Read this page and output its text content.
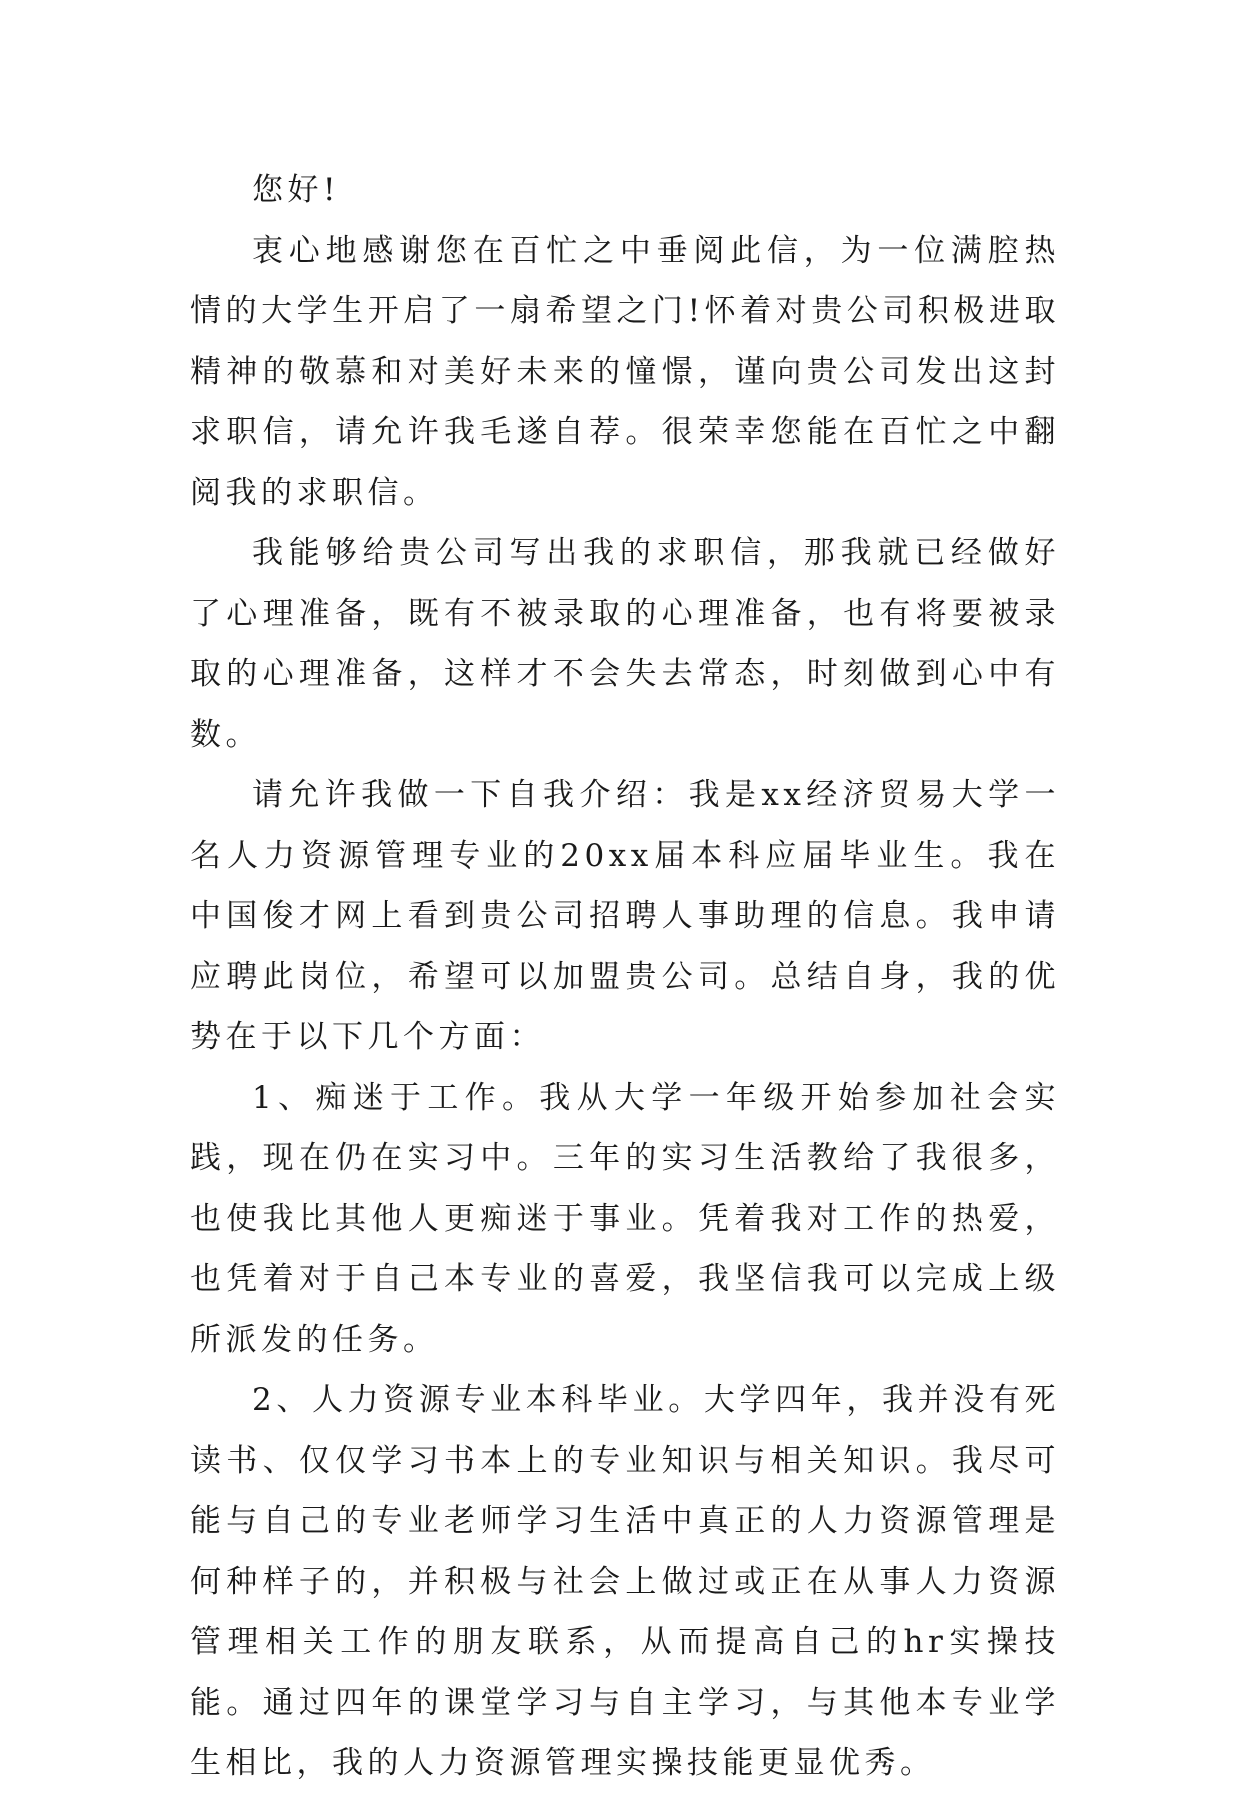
您好!

衷心地感谢您在百忙之中垂阅此信，为一位满腔热情的大学生开启了一扇希望之门!怀着对贵公司积极进取精神的敬慕和对美好未来的憧憬，谨向贵公司发出这封求职信，请允许我毛遂自荐。很荣幸您能在百忙之中翻阅我的求职信。

我能够给贵公司写出我的求职信，那我就已经做好了心理准备，既有不被录取的心理准备，也有将要被录取的心理准备，这样才不会失去常态，时刻做到心中有数。

请允许我做一下自我介绍：我是xx经济贸易大学一名人力资源管理专业的20xx届本科应届毕业生。我在中国俊才网上看到贵公司招聘人事助理的信息。我申请应聘此岗位，希望可以加盟贵公司。总结自身，我的优势在于以下几个方面：

1、痴迷于工作。我从大学一年级开始参加社会实践，现在仍在实习中。三年的实习生活教给了我很多，也使我比其他人更痴迷于事业。凭着我对工作的热爱，也凭着对于自己本专业的喜爱，我坚信我可以完成上级所派发的任务。

2、人力资源专业本科毕业。大学四年，我并没有死读书、仅仅学习书本上的专业知识与相关知识。我尽可能与自己的专业老师学习生活中真正的人力资源管理是何种样子的，并积极与社会上做过或正在从事人力资源管理相关工作的朋友联系，从而提高自己的hr实操技能。通过四年的课堂学习与自主学习，与其他本专业学生相比，我的人力资源管理实操技能更显优秀。
